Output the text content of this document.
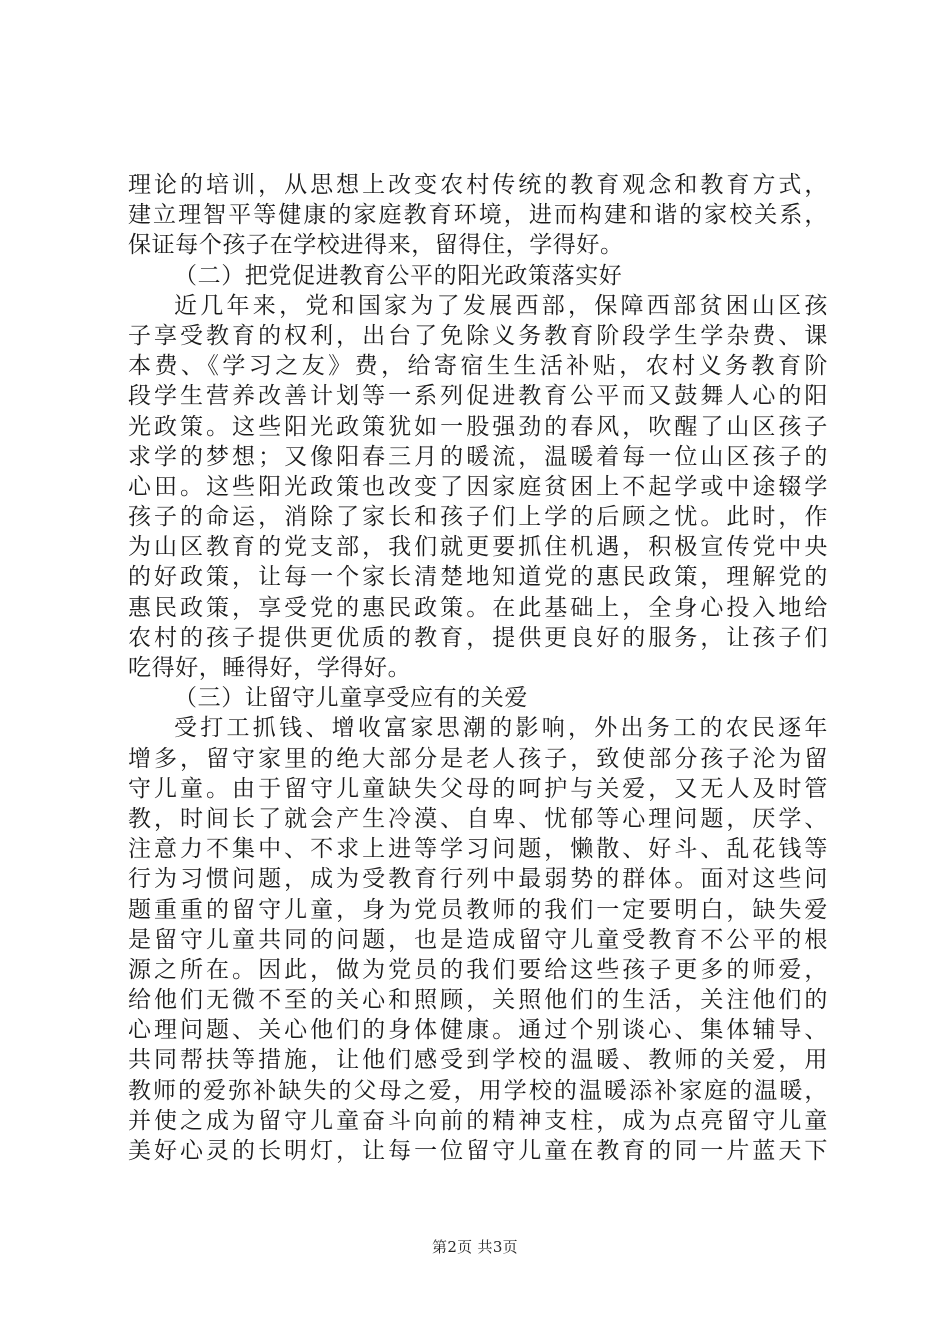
理论的培训，从思想上改变农村传统的教育观念和教育方式，
建立理智平等健康的家庭教育环境，进而构建和谐的家校关系，
保证每个孩子在学校进得来，留得住，学得好。
（二）把党促进教育公平的阳光政策落实好
近几年来，党和国家为了发展西部，保障西部贫困山区孩
子享受教育的权利，出台了免除义务教育阶段学生学杂费、课
本费、《学习之友》费，给寄宿生生活补贴，农村义务教育阶
段学生营养改善计划等一系列促进教育公平而又鼓舞人心的阳
光政策。这些阳光政策犹如一股强劲的春风，吹醒了山区孩子
求学的梦想；又像阳春三月的暖流，温暖着每一位山区孩子的
心田。这些阳光政策也改变了因家庭贫困上不起学或中途辍学
孩子的命运，消除了家长和孩子们上学的后顾之忧。此时，作
为山区教育的党支部，我们就更要抓住机遇，积极宣传党中央
的好政策，让每一个家长清楚地知道党的惠民政策，理解党的
惠民政策，享受党的惠民政策。在此基础上，全身心投入地给
农村的孩子提供更优质的教育，提供更良好的服务，让孩子们
吃得好，睡得好，学得好。
（三）让留守儿童享受应有的关爱
受打工抓钱、增收富家思潮的影响，外出务工的农民逐年
增多，留守家里的绝大部分是老人孩子，致使部分孩子沦为留
守儿童。由于留守儿童缺失父母的呵护与关爱，又无人及时管
教，时间长了就会产生冷漠、自卑、忧郁等心理问题，厌学、
注意力不集中、不求上进等学习问题，懒散、好斗、乱花钱等
行为习惯问题，成为受教育行列中最弱势的群体。面对这些问
题重重的留守儿童，身为党员教师的我们一定要明白，缺失爱
是留守儿童共同的问题，也是造成留守儿童受教育不公平的根
源之所在。因此，做为党员的我们要给这些孩子更多的师爱，
给他们无微不至的关心和照顾，关照他们的生活，关注他们的
心理问题、关心他们的身体健康。通过个别谈心、集体辅导、
共同帮扶等措施，让他们感受到学校的温暖、教师的关爱，用
教师的爱弥补缺失的父母之爱，用学校的温暖添补家庭的温暖，
并使之成为留守儿童奋斗向前的精神支柱，成为点亮留守儿童
美好心灵的长明灯，让每一位留守儿童在教育的同一片蓝天下
第2页 共3页
